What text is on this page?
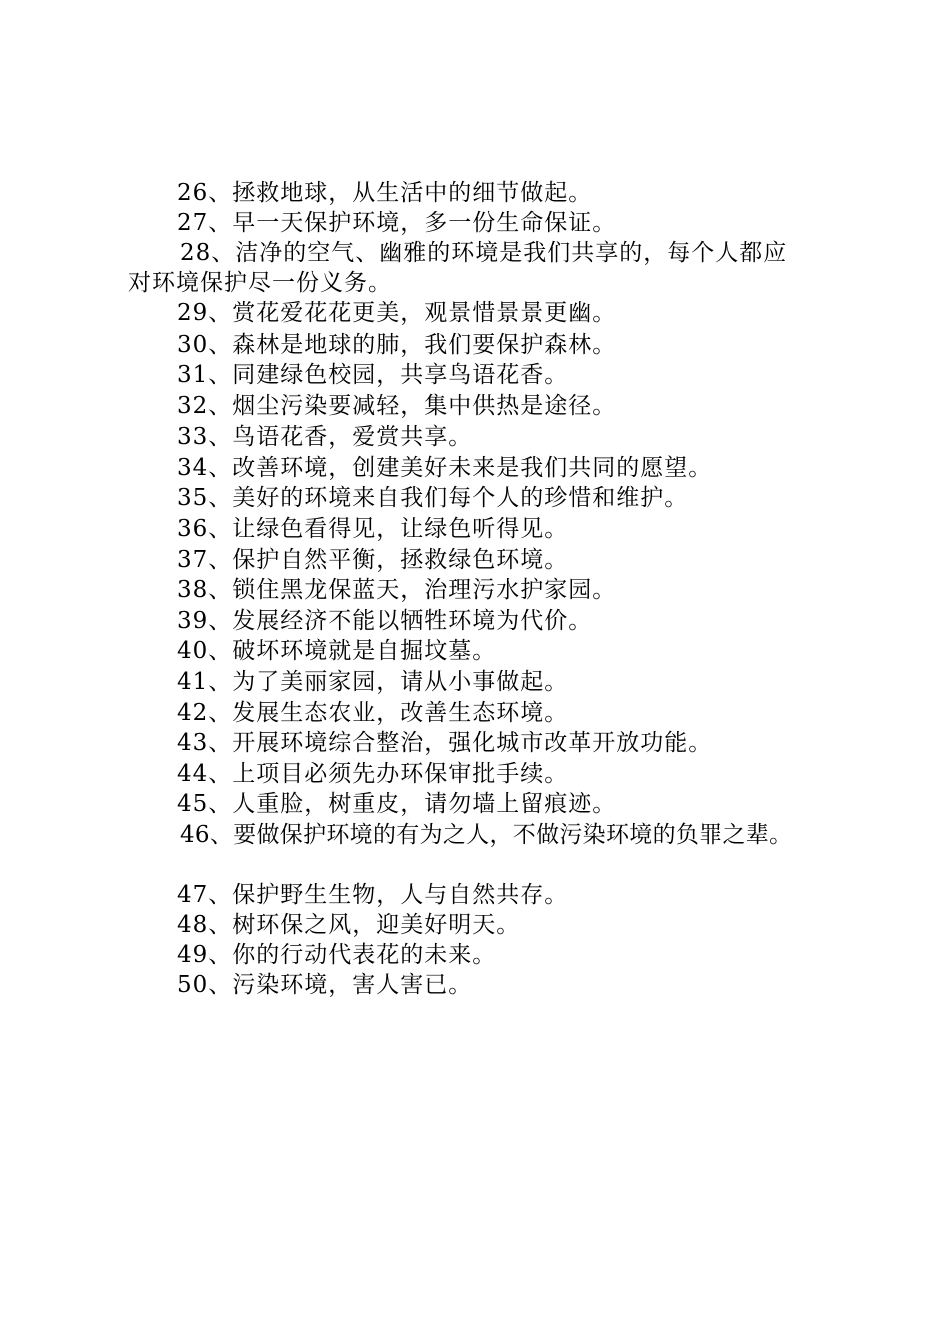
26、拯救地球，从生活中的细节做起。
27、早一天保护环境，多一份生命保证。
28、洁净的空气、幽雅的环境是我们共享的，每个人都应
对环境保护尽一份义务。
29、赏花爱花花更美，观景惜景景更幽。
30、森林是地球的肺，我们要保护森林。
31、同建绿色校园，共享鸟语花香。
32、烟尘污染要减轻，集中供热是途径。
33、鸟语花香，爱赏共享。
34、改善环境，创建美好未来是我们共同的愿望。
35、美好的环境来自我们每个人的珍惜和维护。
36、让绿色看得见，让绿色听得见。
37、保护自然平衡，拯救绿色环境。
38、锁住黑龙保蓝天，治理污水护家园。
39、发展经济不能以牺牲环境为代价。
40、破坏环境就是自掘坟墓。
41、为了美丽家园，请从小事做起。
42、发展生态农业，改善生态环境。
43、开展环境综合整治，强化城市改革开放功能。
44、上项目必须先办环保审批手续。
45、人重脸，树重皮，请勿墙上留痕迹。
46、要做保护环境的有为之人，不做污染环境的负罪之辈。
47、保护野生生物，人与自然共存。
48、树环保之风，迎美好明天。
49、你的行动代表花的未来。
50、污染环境，害人害已。
